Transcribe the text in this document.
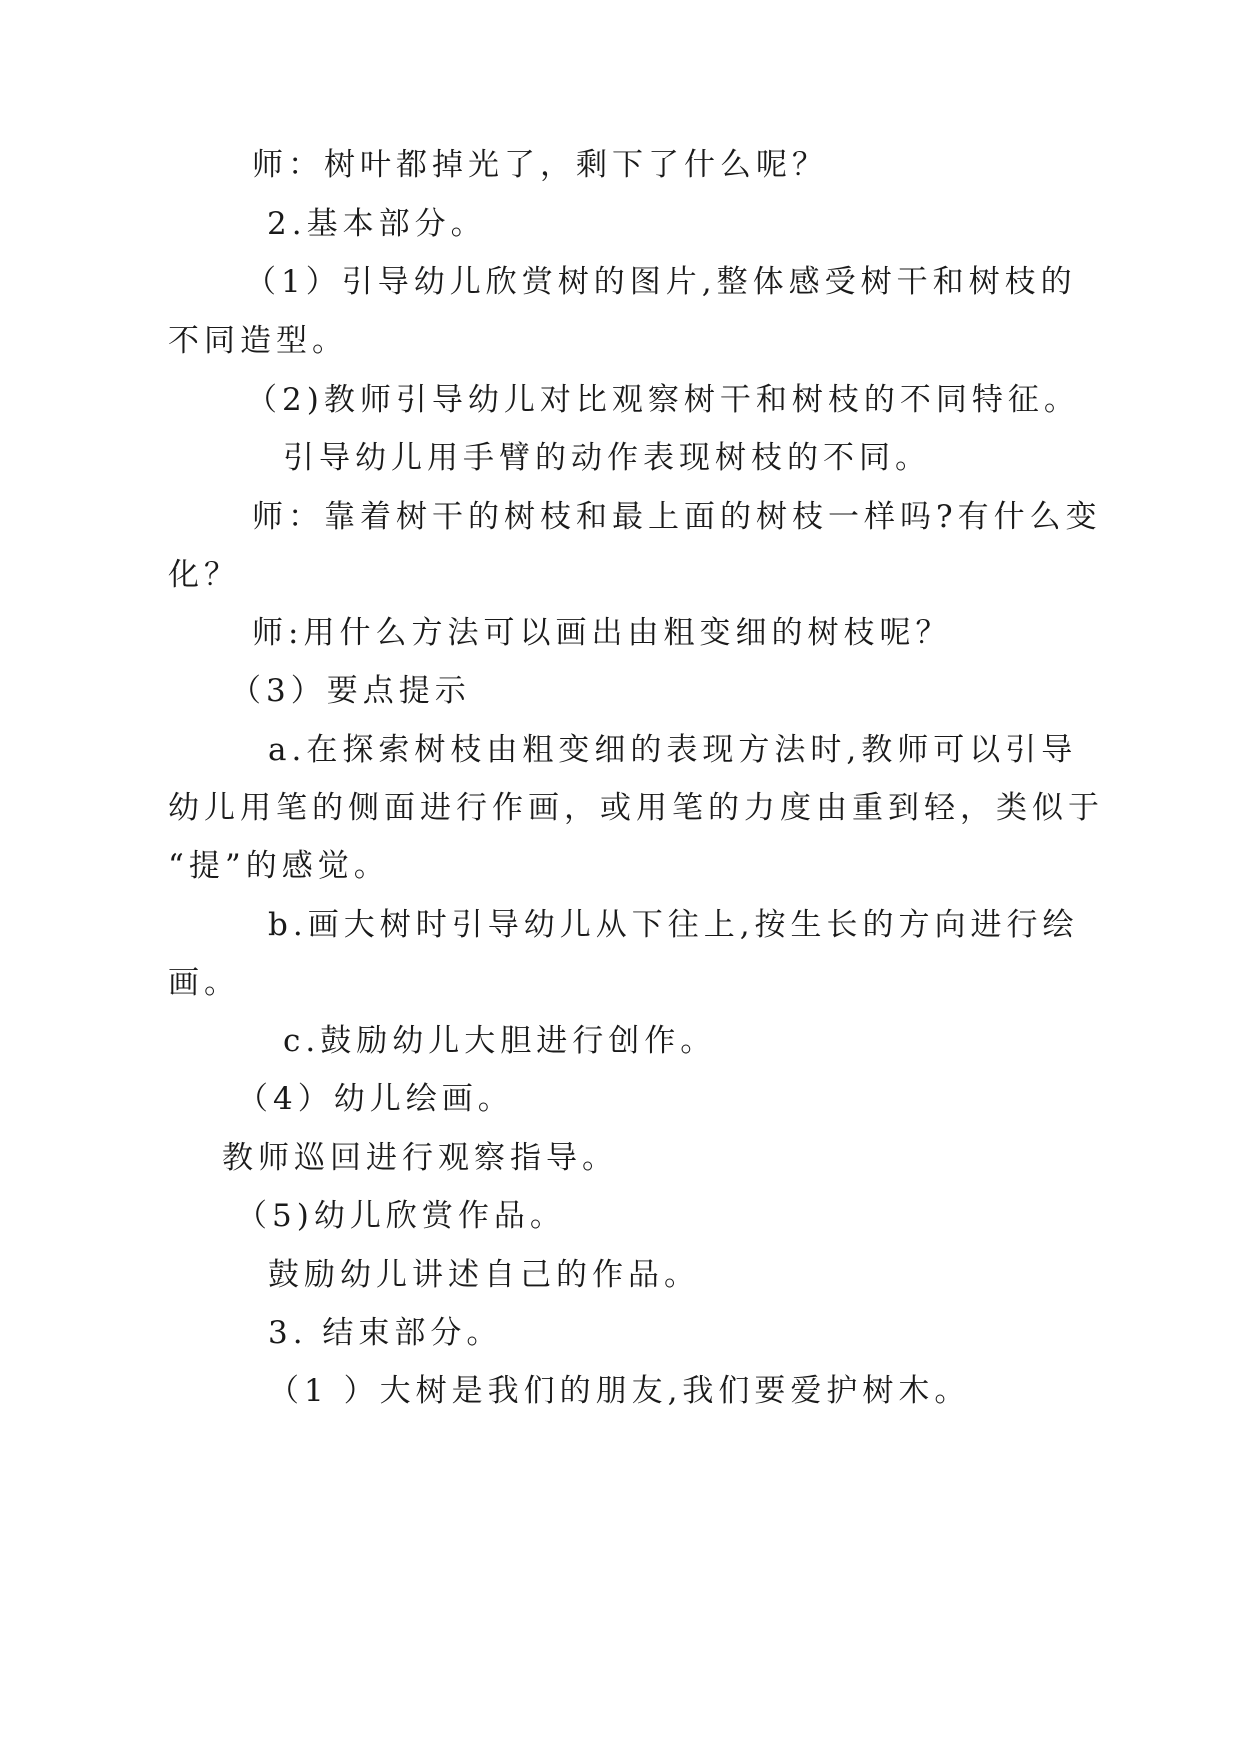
师：树叶都掉光了，剩下了什么呢？
2.基本部分。
（1）引导幼儿欣赏树的图片,整体感受树干和树枝的
不同造型。
（2)教师引导幼儿对比观察树干和树枝的不同特征。
引导幼儿用手臂的动作表现树枝的不同。
师：靠着树干的树枝和最上面的树枝一样吗?有什么变
化？
师:用什么方法可以画出由粗变细的树枝呢？
（3）要点提示
a.在探索树枝由粗变细的表现方法时,教师可以引导
幼儿用笔的侧面进行作画，或用笔的力度由重到轻，类似于
“提”的感觉。
b.画大树时引导幼儿从下往上,按生长的方向进行绘
画。
c.鼓励幼儿大胆进行创作。
（4）幼儿绘画。
教师巡回进行观察指导。
（5)幼儿欣赏作品。
鼓励幼儿讲述自己的作品。
3. 结束部分。
（1 ）大树是我们的朋友,我们要爱护树木。
